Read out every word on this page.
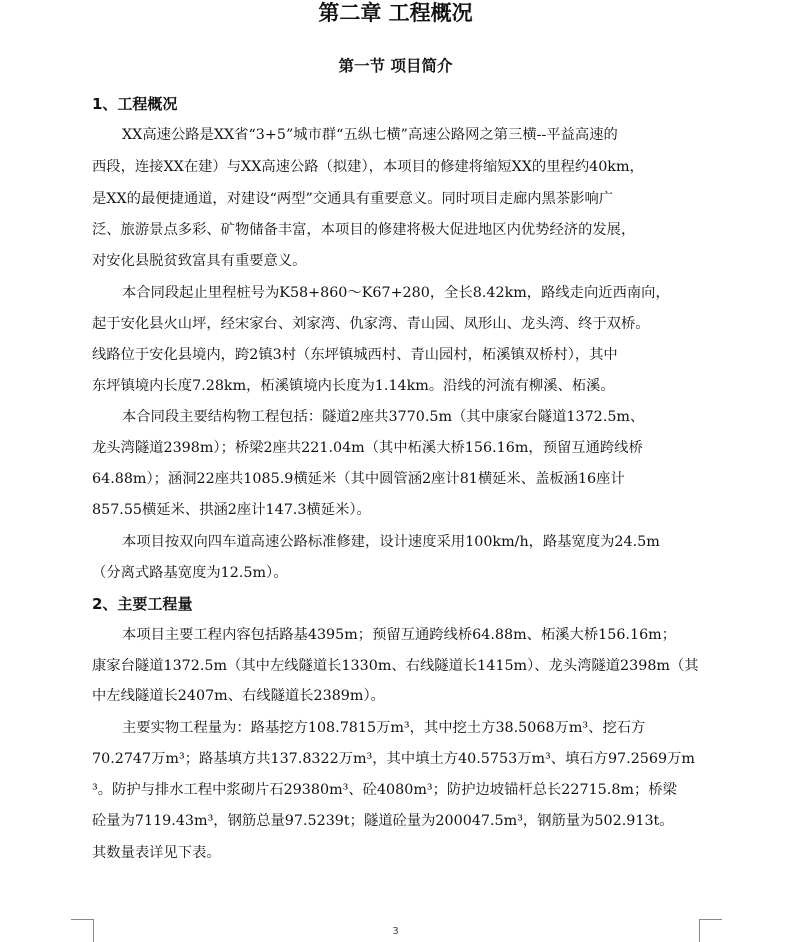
第二章 工程概况
第一节 项目简介
1、工程概况
XX高速公路是XX省“3+5”城市群“五纵七横”高速公路网之第三横--平益高速的
西段，连接XX在建）与XX高速公路（拟建），本项目的修建将缩短XX的里程约40km，
是XX的最便捷通道，对建设“两型”交通具有重要意义。同时项目走廊内黑茶影响广
泛、旅游景点多彩、矿物储备丰富，本项目的修建将极大促进地区内优势经济的发展，
对安化县脱贫致富具有重要意义。
本合同段起止里程桩号为K58+860～K67+280，全长8.42km，路线走向近西南向，
起于安化县火山坪，经宋家台、刘家湾、仇家湾、青山园、凤形山、龙头湾、终于双桥。
线路位于安化县境内，跨2镇3村（东坪镇城西村、青山园村，柘溪镇双桥村），其中
东坪镇境内长度7.28km，柘溪镇境内长度为1.14km。沿线的河流有柳溪、柘溪。
本合同段主要结构物工程包括：隧道2座共3770.5m（其中康家台隧道1372.5m、
龙头湾隧道2398m）；桥梁2座共221.04m（其中柘溪大桥156.16m，预留互通跨线桥
64.88m）；涵洞22座共1085.9横延米（其中圆管涵2座计81横延米、盖板涵16座计
857.55横延米、拱涵2座计147.3横延米）。
本项目按双向四车道高速公路标准修建，设计速度采用100km/h，路基宽度为24.5m
（分离式路基宽度为12.5m）。
2、主要工程量
本项目主要工程内容包括路基4395m；预留互通跨线桥64.88m、柘溪大桥156.16m；
康家台隧道1372.5m（其中左线隧道长1330m、右线隧道长1415m）、龙头湾隧道2398m（其
中左线隧道长2407m、右线隧道长2389m）。
主要实物工程量为：路基挖方108.7815万m³，其中挖土方38.5068万m³、挖石方
70.2747万m³；路基填方共137.8322万m³，其中填土方40.5753万m³、填石方97.2569万m
³。防护与排水工程中浆砌片石29380m³、砼4080m³；防护边坡锚杆总长22715.8m；桥梁
砼量为7119.43m³，钢筋总量97.5239t；隧道砼量为200047.5m³，钢筋量为502.913t。
其数量表详见下表。
3
